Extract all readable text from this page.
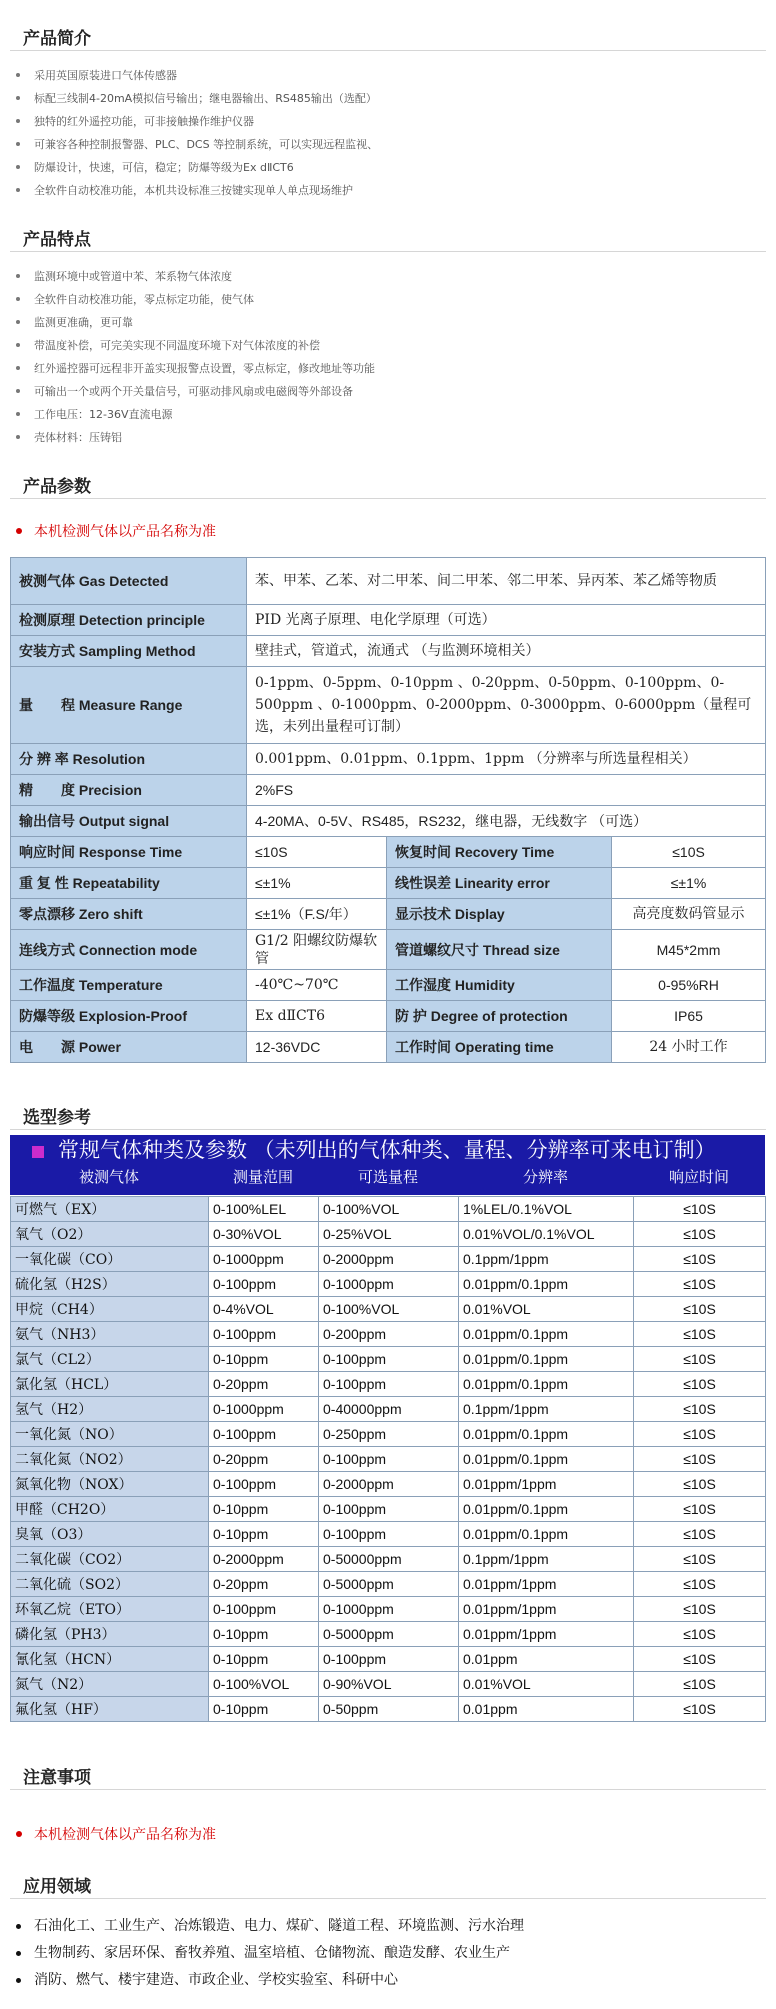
产品简介
采用英国原装进口气体传感器
标配三线制4-20mA模拟信号输出；继电器输出、RS485输出（选配）
独特的红外遥控功能，可非接触操作维护仪器
可兼容各种控制报警器、PLC、DCS 等控制系统，可以实现远程监视、
防爆设计，快速，可信，稳定；防爆等级为Ex dⅡCT6
全软件自动校准功能，本机共设标准三按键实现单人单点现场维护
产品特点
监测环境中或管道中苯、苯系物气体浓度
全软件自动校准功能，零点标定功能，使气体
监测更准确，更可靠
带温度补偿，可完美实现不同温度环境下对气体浓度的补偿
红外遥控器可远程非开盖实现报警点设置，零点标定，修改地址等功能
可输出一个或两个开关量信号，可驱动排风扇或电磁阀等外部设备
工作电压：12-36V直流电源
壳体材料：压铸铝
产品参数
本机检测气体以产品名称为准
被测气体 Gas Detected	苯、甲苯、乙苯、对二甲苯、间二甲苯、邻二甲苯、异丙苯、苯乙烯等物质		
检测原理 Detection principle	PID 光离子原理、电化学原理（可选）		
安装方式 Sampling Method	壁挂式，管道式，流通式 （与监测环境相关）		
量　　程 Measure Range	0-1ppm、0-5ppm、0-10ppm 、0-20ppm、0-50ppm、0-100ppm、0-500ppm 、0-1000ppm、0-2000ppm、0-3000ppm、0-6000ppm（量程可选，未列出量程可订制）		
分 辨 率 Resolution	0.001ppm、0.01ppm、0.1ppm、1ppm （分辨率与所选量程相关）		
精　　度 Precision	2%FS		
输出信号 Output signal	4-20MA、0-5V、RS485，RS232，继电器，无线数字 （可选）		
响应时间 Response Time	≤10S	恢复时间 Recovery Time	≤10S
重 复 性 Repeatability	≤±1%	线性误差 Linearity error	≤±1%
零点漂移 Zero shift	≤±1%（F.S/年）	显示技术 Display	高亮度数码管显示
连线方式 Connection mode	G1/2 阳螺纹防爆软管	管道螺纹尺寸 Thread size	M45*2mm
工作温度 Temperature	-40℃~70℃	工作湿度 Humidity	0-95%RH
防爆等级 Explosion-Proof	Ex dⅡCT6	防 护 Degree of protection	IP65
电　　源 Power	12-36VDC	工作时间 Operating time	24 小时工作
选型参考
常规气体种类及参数 （未列出的气体种类、量程、分辨率可来电订制）
被测气体	测量范围	可选量程	分辨率	响应时间
可燃气（EX）	0-100%LEL	0-100%VOL	1%LEL/0.1%VOL	≤10S
氧气（O2）	0-30%VOL	0-25%VOL	0.01%VOL/0.1%VOL	≤10S
一氧化碳（CO）	0-1000ppm	0-2000ppm	0.1ppm/1ppm	≤10S
硫化氢（H2S）	0-100ppm	0-1000ppm	0.01ppm/0.1ppm	≤10S
甲烷（CH4）	0-4%VOL	0-100%VOL	0.01%VOL	≤10S
氨气（NH3）	0-100ppm	0-200ppm	0.01ppm/0.1ppm	≤10S
氯气（CL2）	0-10ppm	0-100ppm	0.01ppm/0.1ppm	≤10S
氯化氢（HCL）	0-20ppm	0-100ppm	0.01ppm/0.1ppm	≤10S
氢气（H2）	0-1000ppm	0-40000ppm	0.1ppm/1ppm	≤10S
一氧化氮（NO）	0-100ppm	0-250ppm	0.01ppm/0.1ppm	≤10S
二氧化氮（NO2）	0-20ppm	0-100ppm	0.01ppm/0.1ppm	≤10S
氮氧化物（NOX）	0-100ppm	0-2000ppm	0.01ppm/1ppm	≤10S
甲醛（CH2O）	0-10ppm	0-100ppm	0.01ppm/0.1ppm	≤10S
臭氧（O3）	0-10ppm	0-100ppm	0.01ppm/0.1ppm	≤10S
二氧化碳（CO2）	0-2000ppm	0-50000ppm	0.1ppm/1ppm	≤10S
二氧化硫（SO2）	0-20ppm	0-5000ppm	0.01ppm/1ppm	≤10S
环氧乙烷（ETO）	0-100ppm	0-1000ppm	0.01ppm/1ppm	≤10S
磷化氢（PH3）	0-10ppm	0-5000ppm	0.01ppm/1ppm	≤10S
氰化氢（HCN）	0-10ppm	0-100ppm	0.01ppm	≤10S
氮气（N2）	0-100%VOL	0-90%VOL	0.01%VOL	≤10S
氟化氢（HF）	0-10ppm	0-50ppm	0.01ppm	≤10S
注意事项
本机检测气体以产品名称为准
应用领域
石油化工、工业生产、冶炼锻造、电力、煤矿、隧道工程、环境监测、污水治理
生物制药、家居环保、畜牧养殖、温室培植、仓储物流、酿造发酵、农业生产
消防、燃气、楼宇建造、市政企业、学校实验室、科研中心
